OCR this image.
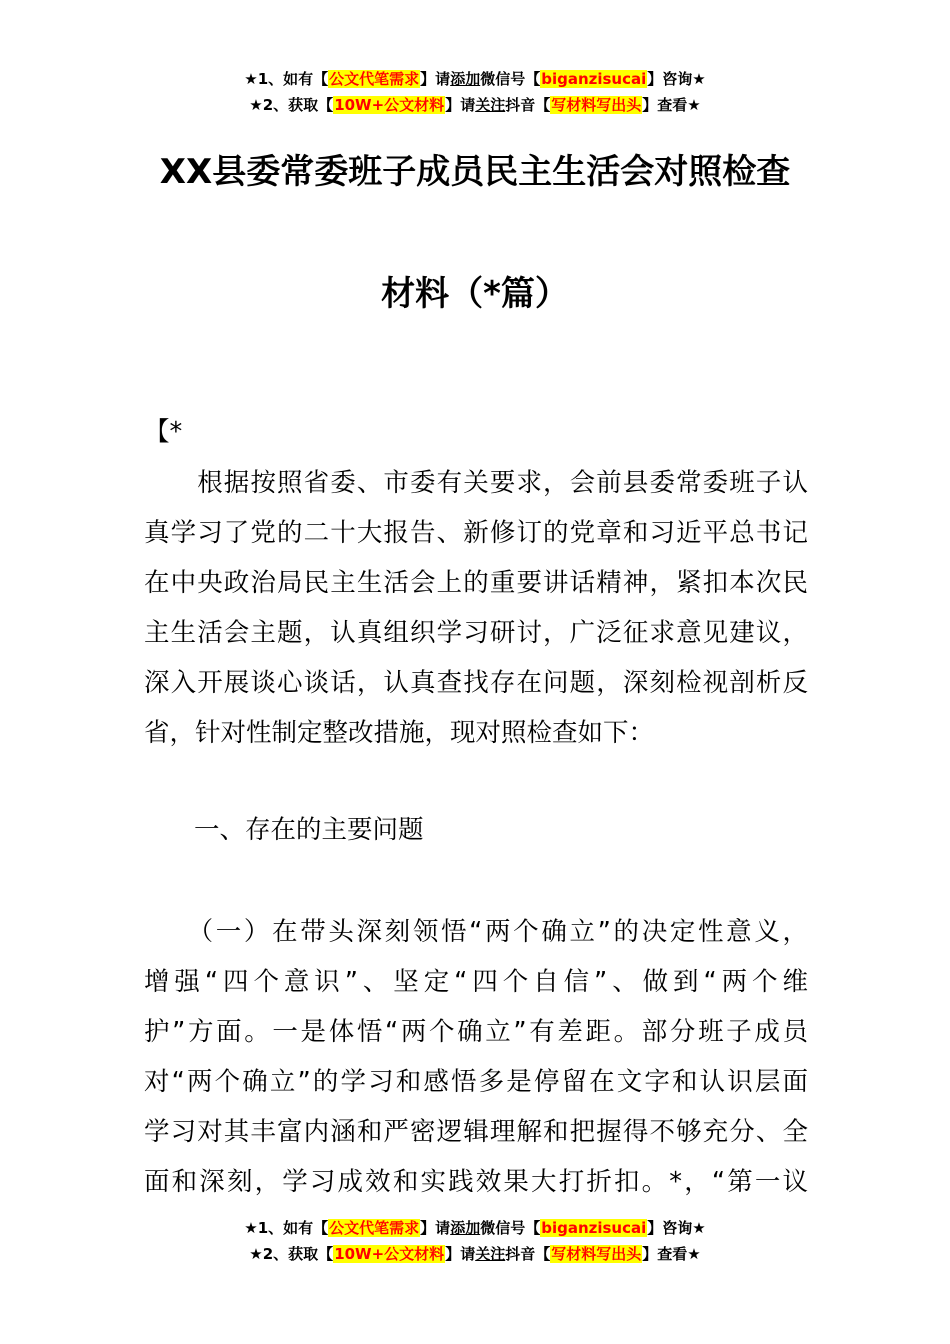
★1、如有【公文代笔需求】请添加微信号【biganzisucai】咨询★
★2、获取【10W+公文材料】请关注抖音【写材料写出头】查看★
XX县委常委班子成员民主生活会对照检查
材料（*篇）
【*
　　根据按照省委、市委有关要求，会前县委常委班子认
真学习了党的二十大报告、新修订的党章和习近平总书记
在中央政治局民主生活会上的重要讲话精神，紧扣本次民
主生活会主题，认真组织学习研讨，广泛征求意见建议，
深入开展谈心谈话，认真查找存在问题，深刻检视剖析反
省，针对性制定整改措施，现对照检查如下：
一、存在的主要问题
　　（一）在带头深刻领悟“两个确立”的决定性意义，
增强“四个意识”、坚定“四个自信”、做到“两个维
护”方面。一是体悟“两个确立”有差距。部分班子成员
对“两个确立”的学习和感悟多是停留在文字和认识层面
学习对其丰富内涵和严密逻辑理解和把握得不够充分、全
面和深刻，学习成效和实践效果大打折扣。*，“第一议
★1、如有【公文代笔需求】请添加微信号【biganzisucai】咨询★
★2、获取【10W+公文材料】请关注抖音【写材料写出头】查看★
